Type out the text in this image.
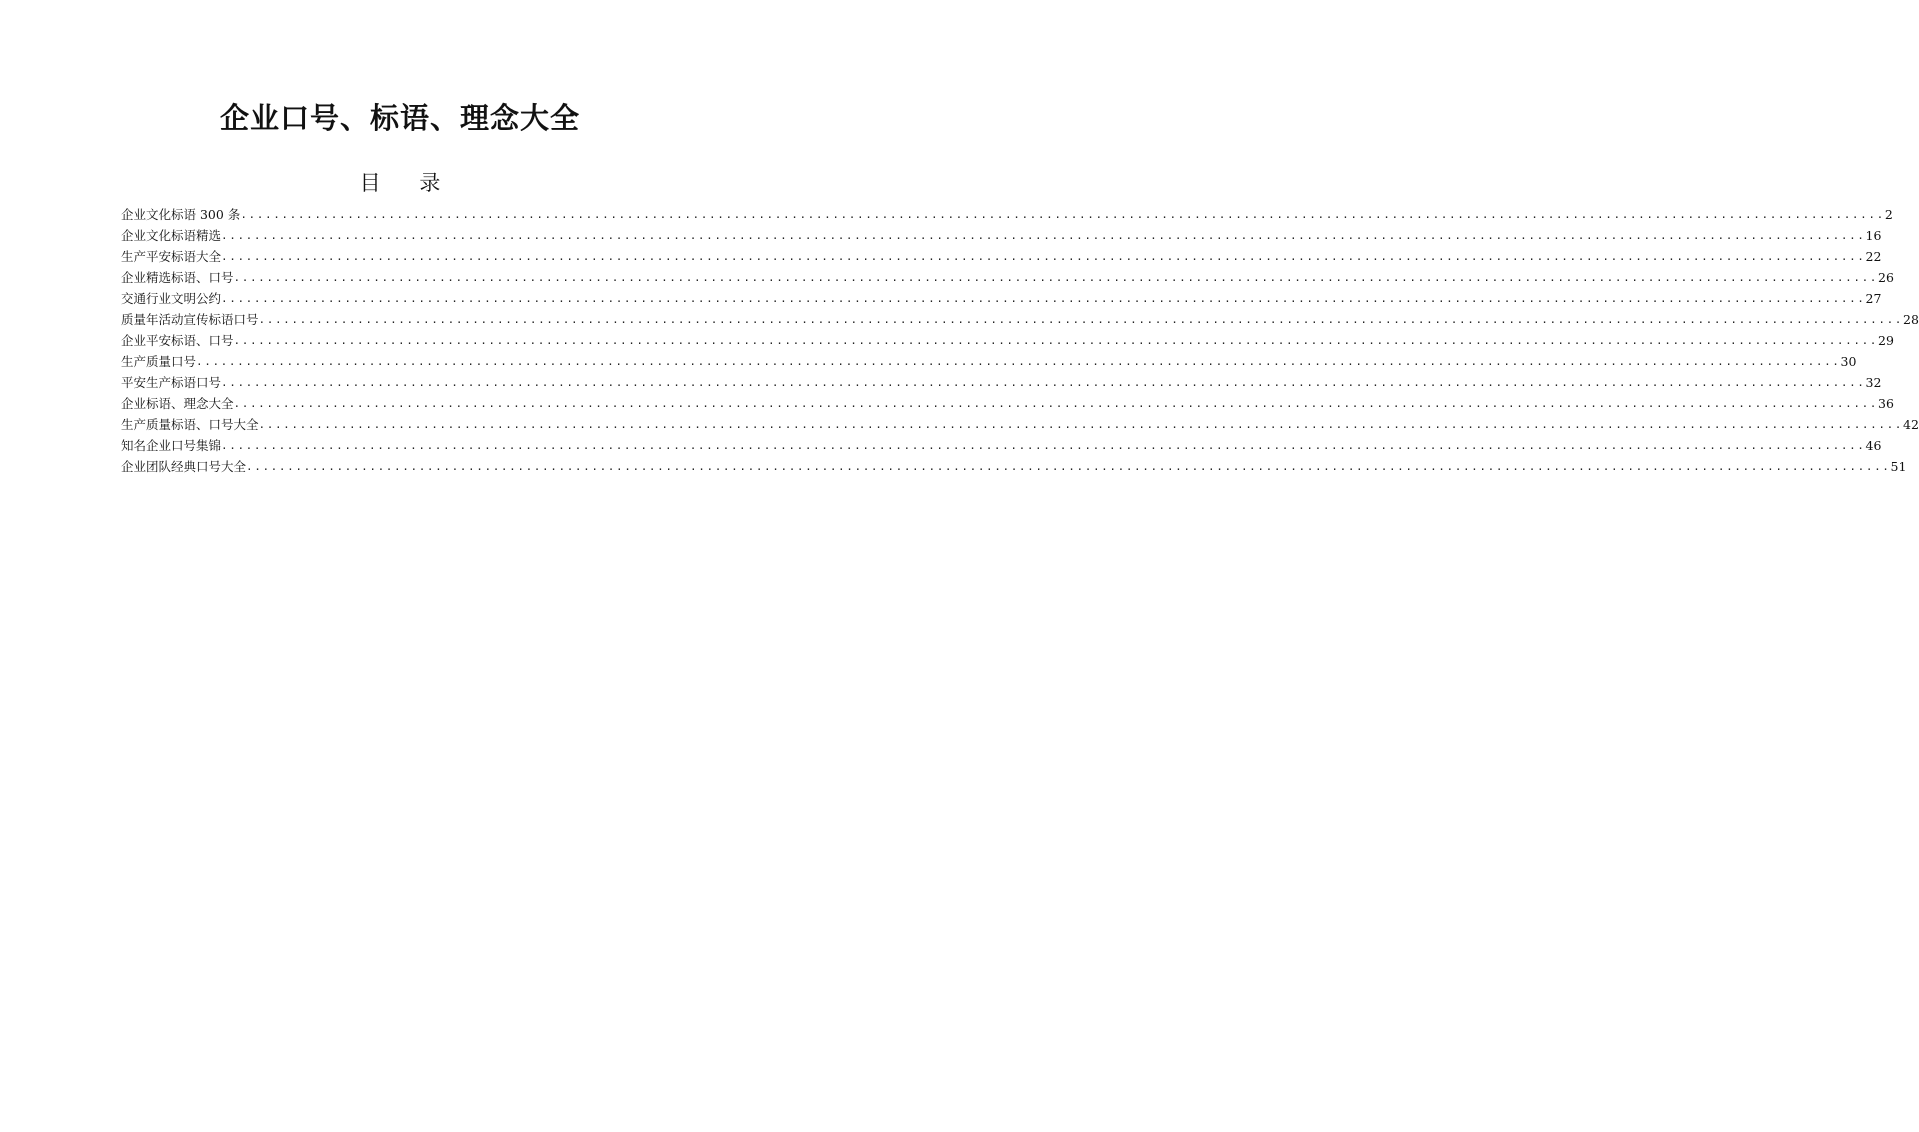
企业口号、标语、理念大全
目 录
企业文化标语 300 条 ........................................................................................................................................................................................................ 2
企业文化标语精选 ........................................................................................................................................................................................................ 16
生产平安标语大全 ........................................................................................................................................................................................................ 22
企业精选标语、口号 ........................................................................................................................................................................................................ 26
交通行业文明公约 ........................................................................................................................................................................................................ 27
质量年活动宣传标语口号 ........................................................................................................................................................................................................ 28
企业平安标语、口号 ........................................................................................................................................................................................................ 29
生产质量口号 ........................................................................................................................................................................................................ 30
平安生产标语口号 ........................................................................................................................................................................................................ 32
企业标语、理念大全 ........................................................................................................................................................................................................ 36
生产质量标语、口号大全 ........................................................................................................................................................................................................ 42
知名企业口号集锦 ........................................................................................................................................................................................................ 46
企业团队经典口号大全 ........................................................................................................................................................................................................ 51
